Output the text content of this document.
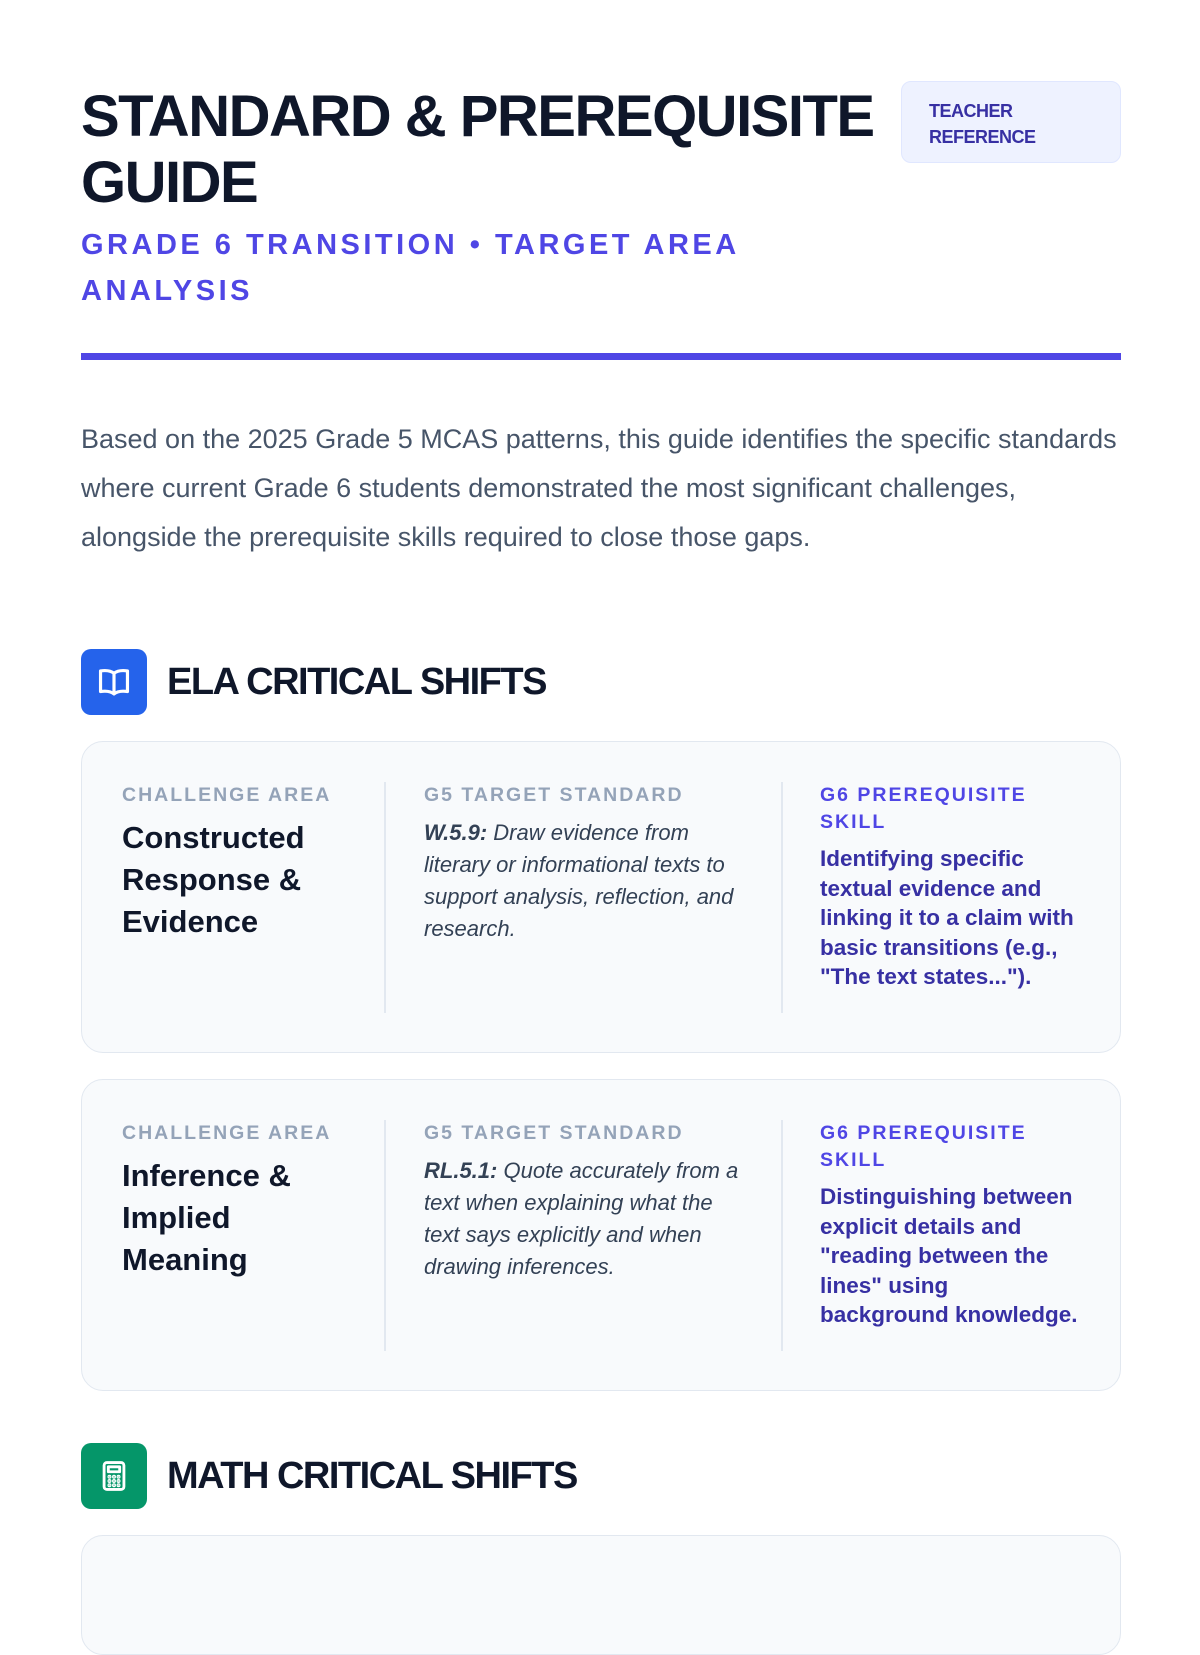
STANDARD & PREREQUISITE GUIDE
TEACHER REFERENCE

GRADE 6 TRANSITION • TARGET AREA ANALYSIS

Based on the 2025 Grade 5 MCAS patterns, this guide identifies the specific standards where current Grade 6 students demonstrated the most significant challenges, alongside the prerequisite skills required to close those gaps.

ELA CRITICAL SHIFTS
CHALLENGE AREA
Constructed Response & Evidence
G5 TARGET STANDARD
W.5.9: Draw evidence from literary or informational texts to support analysis, reflection, and research.
G6 PREREQUISITE SKILL
Identifying specific textual evidence and linking it to a claim with basic transitions (e.g., "The text states...").
CHALLENGE AREA
Inference & Implied Meaning
G5 TARGET STANDARD
RL.5.1: Quote accurately from a text when explaining what the text says explicitly and when drawing inferences.
G6 PREREQUISITE SKILL
Distinguishing between explicit details and "reading between the lines" using background knowledge.
MATH CRITICAL SHIFTS
